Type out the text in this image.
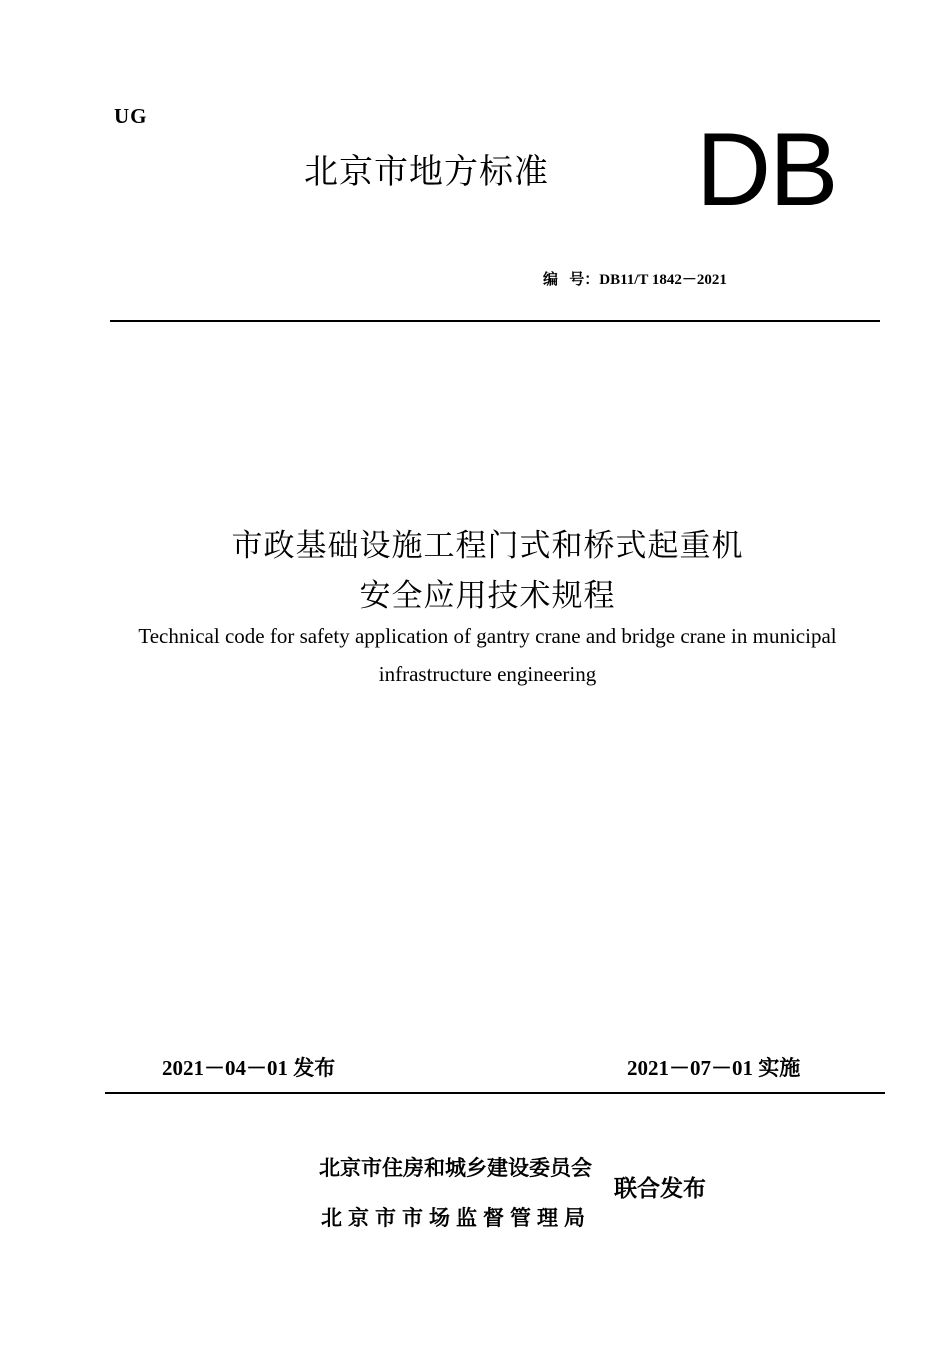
UG
北京市地方标准 DB
编   号：DB11/T 1842－2021
市政基础设施工程门式和桥式起重机
安全应用技术规程
Technical code for safety application of gantry crane and bridge crane in municipal
infrastructure engineering
2021－04－01 发布	2021－07－01 实施
北京市住房和城乡建设委员会
北京市市场监督管理局
联合发布
